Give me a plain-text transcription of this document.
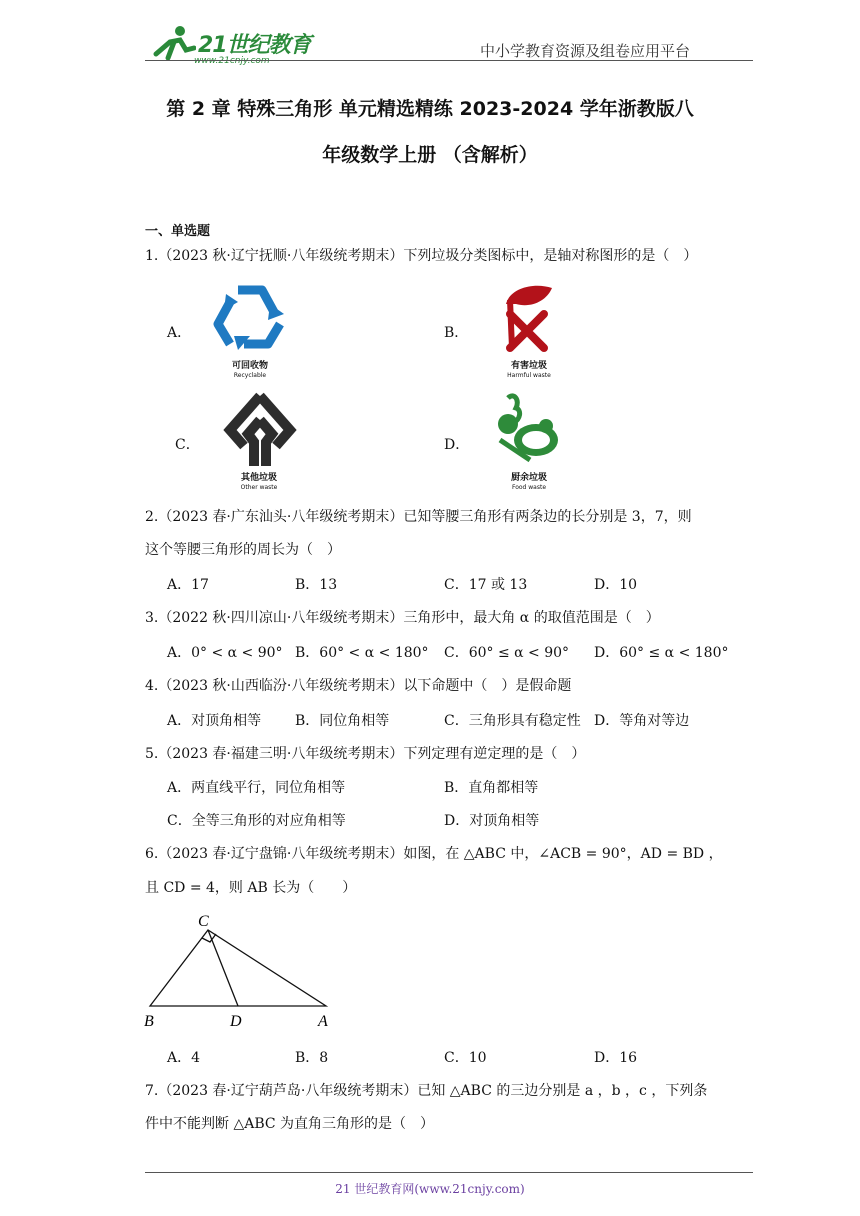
21世纪教育
www.21cnjy.com
中小学教育资源及组卷应用平台
第 2 章 特殊三角形 单元精选精练 2023-2024 学年浙教版八
年级数学上册 （含解析）
一、单选题
1.（2023 秋·辽宁抚顺·八年级统考期末）下列垃圾分类图标中，是轴对称图形的是（　）
A．
可回收物
Recyclable
B．
有害垃圾
Harmful waste
C．
其他垃圾
Other waste
D．
厨余垃圾
Food waste
2.（2023 春·广东汕头·八年级统考期末）已知等腰三角形有两条边的长分别是 3，7，则
这个等腰三角形的周长为（　）
A．17	B．13	C．17 或 13	D．10
3.（2022 秋·四川凉山·八年级统考期末）三角形中，最大角 α 的取值范围是（　）
A．0° < α < 90° B．60° < α < 180° C．60° ≤ α < 90° D．60° ≤ α < 180°
4.（2023 秋·山西临汾·八年级统考期末）以下命题中（　）是假命题
A．对顶角相等 B．同位角相等	C．三角形具有稳定性 D．等角对等边
5.（2023 春·福建三明·八年级统考期末）下列定理有逆定理的是（　）
A．两直线平行，同位角相等	B．直角都相等
C．全等三角形的对应角相等	D．对顶角相等
6.（2023 春·辽宁盘锦·八年级统考期末）如图，在 △ABC 中，∠ACB = 90°，AD = BD ，
且 CD = 4，则 AB 长为（　　）
C
B	D	A
A．4	B．8	C．10	D．16
7.（2023 春·辽宁葫芦岛·八年级统考期末）已知 △ABC 的三边分别是 a ，b ，c ，下列条
件中不能判断 △ABC 为直角三角形的是（　）
21 世纪教育网(www.21cnjy.com)
